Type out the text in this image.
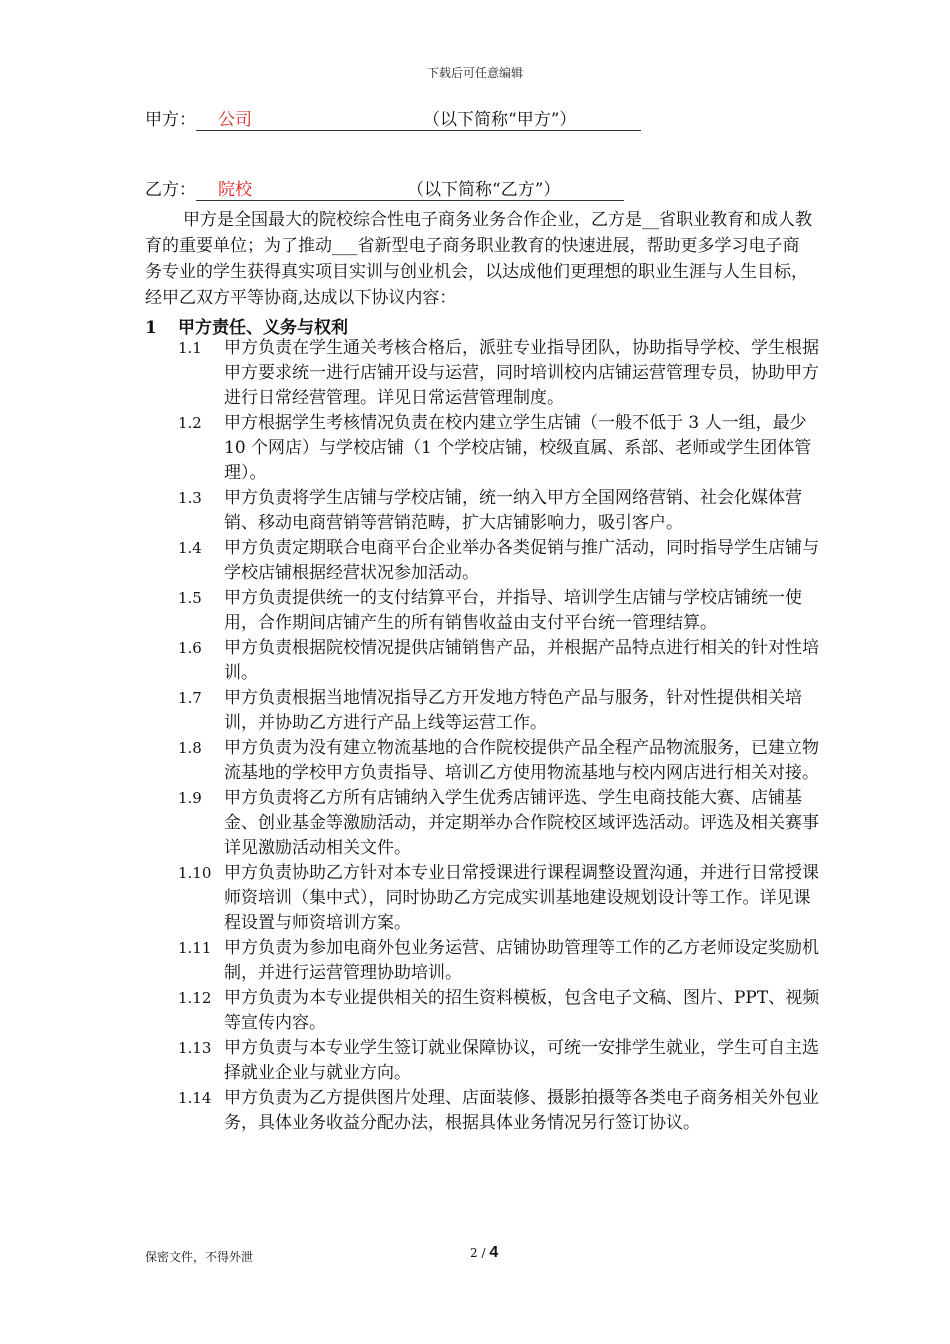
下载后可任意编辑
甲方： 公司	（以下简称“甲方”）
乙方： 院校	（以下简称“乙方”）
甲方是全国最大的院校综合性电子商务业务合作企业，乙方是__省职业教育和成人教育的重要单位；为了推动___省新型电子商务职业教育的快速进展，帮助更多学习电子商务专业的学生获得真实项目实训与创业机会，以达成他们更理想的职业生涯与人生目标，经甲乙双方平等协商,达成以下协议内容：
1 甲方责任、义务与权利
1.1	甲方负责在学生通关考核合格后，派驻专业指导团队，协助指导学校、学生根据甲方要求统一进行店铺开设与运营，同时培训校内店铺运营管理专员，协助甲方进行日常经营管理。详见日常运营管理制度。
1.2	甲方根据学生考核情况负责在校内建立学生店铺（一般不低于 3 人一组，最少 10 个网店）与学校店铺（1 个学校店铺，校级直属、系部、老师或学生团体管理）。
1.3	甲方负责将学生店铺与学校店铺，统一纳入甲方全国网络营销、社会化媒体营销、移动电商营销等营销范畴，扩大店铺影响力，吸引客户。
1.4	甲方负责定期联合电商平台企业举办各类促销与推广活动，同时指导学生店铺与学校店铺根据经营状况参加活动。
1.5	甲方负责提供统一的支付结算平台，并指导、培训学生店铺与学校店铺统一使用，合作期间店铺产生的所有销售收益由支付平台统一管理结算。
1.6	甲方负责根据院校情况提供店铺销售产品，并根据产品特点进行相关的针对性培训。
1.7	甲方负责根据当地情况指导乙方开发地方特色产品与服务，针对性提供相关培训，并协助乙方进行产品上线等运营工作。
1.8	甲方负责为没有建立物流基地的合作院校提供产品全程产品物流服务，已建立物流基地的学校甲方负责指导、培训乙方使用物流基地与校内网店进行相关对接。
1.9	甲方负责将乙方所有店铺纳入学生优秀店铺评选、学生电商技能大赛、店铺基金、创业基金等激励活动，并定期举办合作院校区域评选活动。评选及相关赛事详见激励活动相关文件。
1.10 甲方负责协助乙方针对本专业日常授课进行课程调整设置沟通，并进行日常授课师资培训（集中式），同时协助乙方完成实训基地建设规划设计等工作。详见课程设置与师资培训方案。
1.11 甲方负责为参加电商外包业务运营、店铺协助管理等工作的乙方老师设定奖励机制，并进行运营管理协助培训。
1.12 甲方负责为本专业提供相关的招生资料模板，包含电子文稿、图片、PPT、视频等宣传内容。
1.13 甲方负责与本专业学生签订就业保障协议，可统一安排学生就业，学生可自主选择就业企业与就业方向。
1.14 甲方负责为乙方提供图片处理、店面装修、摄影拍摄等各类电子商务相关外包业务，具体业务收益分配办法，根据具体业务情况另行签订协议。
保密文件，不得外泄	2 / 4
